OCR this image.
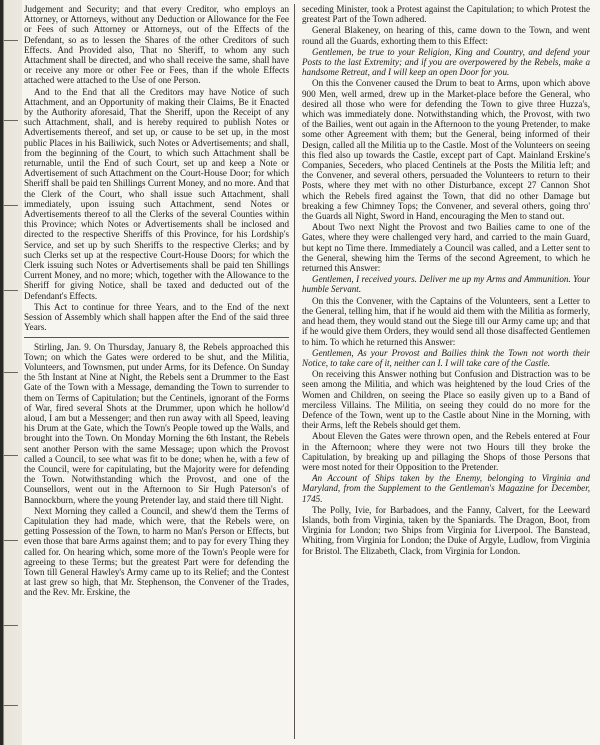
Judgement and Security; and that every Creditor, who employs an Attorney, or Attorneys, without any Deduction or Allowance for the Fee or Fees of such Attorney or Attorneys, out of the Effects of the Defendant, so as to lessen the Shares of the other Creditors of such Effects. And Provided also, That no Sheriff, to whom any such Attachment shall be directed, and who shall receive the same, shall have or receive any more or other Fee or Fees, than if the whole Effects attached were attached to the Use of one Person.

And to the End that all the Creditors may have Notice of such Attachment, and an Opportunity of making their Claims, Be it Enacted by the Authority aforesaid, That the Sheriff, upon the Receipt of any such Attachment, shall, and is hereby required to publish Notes or Advertisements thereof, and set up, or cause to be set up, in the most public Places in his Bailiwick, such Notes or Advertisements; and shall, from the beginning of the Court, to which such Attachment shall be returnable, until the End of such Court, set up and keep a Note or Advertisement of such Attachment on the Court-House Door; for which Sheriff shall be paid ten Shillings Current Money, and no more. And that the Clerk of the Court, who shall issue such Attachment, shall immediately, upon issuing such Attachment, send Notes or Advertisements thereof to all the Clerks of the several Counties within this Province; which Notes or Advertisements shall be inclosed and directed to the respective Sheriffs of this Province, for his Lordship's Service, and set up by such Sheriffs to the respective Clerks; and by such Clerks set up at the respective Court-House Doors; for which the Clerk issuing such Notes or Advertisements shall be paid ten Shillings Current Money, and no more; which, together with the Allowance to the Sheriff for giving Notice, shall be taxed and deducted out of the Defendant's Effects.

This Act to continue for three Years, and to the End of the next Session of Assembly which shall happen after the End of the said three Years.

Stirling, Jan. 9. On Thursday, January 8, the Rebels approached this Town; on which the Gates were ordered to be shut, and the Militia, Volunteers, and Townsmen, put under Arms, for its Defence. On Sunday the 5th Instant at Nine at Night, the Rebels sent a Drummer to the East Gate of the Town with a Message, demanding the Town to surrender to them on Terms of Capitulation; but the Centinels, ignorant of the Forms of War, fired several Shots at the Drummer, upon which he hollow'd aloud, I am but a Messenger; and then run away with all Speed, leaving his Drum at the Gate, which the Town's People towed up the Walls, and brought into the Town. On Monday Morning the 6th Instant, the Rebels sent another Person with the same Message; upon which the Provost called a Council, to see what was fit to be done; when he, with a few of the Council, were for capitulating, but the Majority were for defending the Town. Notwithstanding which the Provost, and one of the Counsellors, went out in the Afternoon to Sir Hugh Paterson's of Bannockburn, where the young Pretender lay, and staid there till Night.

Next Morning they called a Council, and shew'd them the Terms of Capitulation they had made, which were, that the Rebels were, on getting Possession of the Town, to harm no Man's Person or Effects, but even those that bare Arms against them; and to pay for every Thing they called for. On hearing which, some more of the Town's People were for agreeing to these Terms; but the greatest Part were for defending the Town till General Hawley's Army came up to its Relief; and the Contest at last grew so high, that Mr. Stephenson, the Convener of the Trades, and the Rev. Mr. Erskine, the

seceding Minister, took a Protest against the Capitulation; to which Protest the greatest Part of the Town adhered.

General Blakeney, on hearing of this, came down to the Town, and went round all the Guards, exhorting them to this Effect:

Gentlemen, be true to your Religion, King and Country, and defend your Posts to the last Extremity; and if you are overpowered by the Rebels, make a handsome Retreat, and I will keep an open Door for you.

On this the Convener caused the Drum to beat to Arms, upon which above 900 Men, well armed, drew up in the Market-place before the General, who desired all those who were for defending the Town to give three Huzza's, which was immediately done. Notwithstanding which, the Provost, with two of the Bailies, went out again in the Afternoon to the young Pretender, to make some other Agreement with them; but the General, being informed of their Design, called all the Militia up to the Castle. Most of the Volunteers on seeing this fled also up towards the Castle, except part of Capt. Mainland Erskine's Companies, Seceders, who placed Centinels at the Posts the Militia left; and the Convener, and several others, persuaded the Volunteers to return to their Posts, where they met with no other Disturbance, except 27 Cannon Shot which the Rebels fired against the Town, that did no other Damage but breaking a few Chimney Tops; the Convener, and several others, going thro' the Guards all Night, Sword in Hand, encouraging the Men to stand out.

About Two next Night the Provost and two Bailies came to one of the Gates, where they were challenged very hard, and carried to the main Guard, but kept no Time there. Immediately a Council was called, and a Letter sent to the General, shewing him the Terms of the second Agreement, to which he returned this Answer:

Gentlemen, I received yours. Deliver me up my Arms and Ammunition. Your humble Servant.

On this the Convener, with the Captains of the Volunteers, sent a Letter to the General, telling him, that if he would aid them with the Militia as formerly, and head them, they would stand out the Siege till our Army came up; and that if he would give them Orders, they would send all those disaffected Gentlemen to him. To which he returned this Answer:

Gentlemen, As your Provost and Bailies think the Town not worth their Notice, to take care of it, neither can I. I will take care of the Castle.

On receiving this Answer nothing but Confusion and Distraction was to be seen among the Militia, and which was heightened by the loud Cries of the Women and Children, on seeing the Place so easily given up to a Band of merciless Villains. The Militia, on seeing they could do no more for the Defence of the Town, went up to the Castle about Nine in the Morning, with their Arms, left the Rebels should get them.

About Eleven the Gates were thrown open, and the Rebels entered at Four in the Afternoon; where they were not two Hours till they broke the Capitulation, by breaking up and pillaging the Shops of those Persons that were most noted for their Opposition to the Pretender.

An Account of Ships taken by the Enemy, belonging to Virginia and Maryland, from the Supplement to the Gentleman's Magazine for December, 1745.

The Polly, Ivie, for Barbadoes, and the Fanny, Calvert, for the Leeward Islands, both from Virginia, taken by the Spaniards. The Dragon, Boot, from Virginia for London; two Ships from Virginia for Liverpool. The Banstead, Whiting, from Virginia for London; the Duke of Argyle, Ludlow, from Virginia for Bristol. The Elizabeth, Clack, from Virginia for London.
